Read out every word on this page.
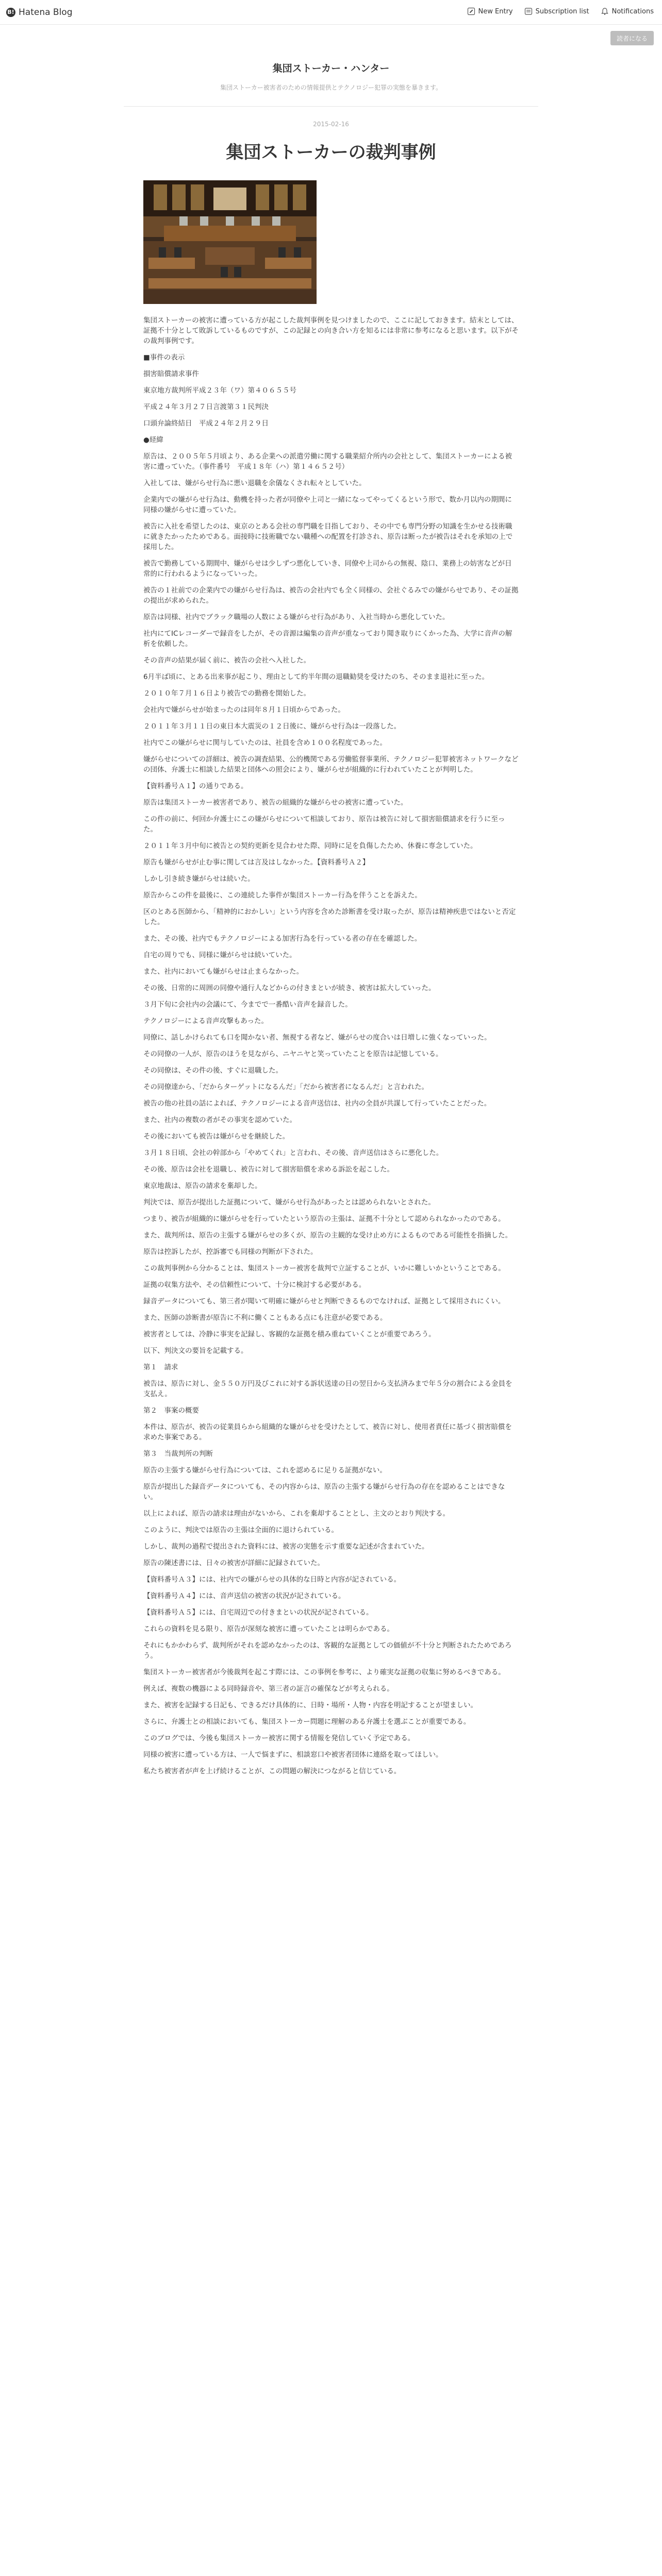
B! Hatena Blog	New Entry	Subscription list	Notifications
読者になる
集団ストーカー・ハンター
集団ストーカー被害者のための情報提供とテクノロジー犯罪の実態を暴きます。
2015-02-16
集団ストーカーの裁判事例

集団ストーカーの被害に遭っている方が起こした裁判事例を見つけましたので、ここに記しておきます。結末としては、証拠不十分として敗訴しているものですが、この記録との向き合い方を知るには非常に参考になると思います。以下がその裁判事例です。

■事件の表示

損害賠償請求事件

東京地方裁判所平成２３年（ワ）第４０６５５号

平成２４年３月２７日言渡第３１民判決

口頭弁論終結日　平成２４年２月２９日

●経緯

原告は、２００５年５月頃より、ある企業への派遣労働に関する職業紹介所内の会社として、集団ストーカーによる被害に遭っていた。（事件番号　平成１８年（ハ）第１４６５２号）

入社しては、嫌がらせ行為に悪い退職を余儀なくされ転々としていた。

企業内での嫌がらせ行為は、動機を持った者が同僚や上司と一緒になってやってくるという形で、数か月以内の期間に同様の嫌がらせに遭っていた。

被告に入社を希望したのは、東京のとある会社の専門職を目指しており、その中でも専門分野の知識を生かせる技術職に就きたかったためである。面接時に技術職でない職種への配置を打診され、原告は断ったが被告はそれを承知の上で採用した。

被告で勤務している期間中、嫌がらせは少しずつ悪化していき、同僚や上司からの無視、陰口、業務上の妨害などが日常的に行われるようになっていった。

被告の１社前での企業内での嫌がらせ行為は、被告の会社内でも全く同様の、会社ぐるみでの嫌がらせであり、その証拠の提出が求められた。

原告は同様、社内でブラック職場の人数による嫌がらせ行為があり、入社当時から悪化していた。

社内にてICレコーダーで録音をしたが、その音源は編集の音声が重なっており聞き取りにくかった為、大学に音声の解析を依頼した。

その音声の結果が届く前に、被告の会社へ入社した。

6月半ば頃に、とある出来事が起こり、理由として約半年間の退職勧奨を受けたのち、そのまま退社に至った。

２０１０年７月１６日より被告での勤務を開始した。

会社内で嫌がらせが始まったのは同年８月１日頃からであった。

２０１１年３月１１日の東日本大震災の１２日後に、嫌がらせ行為は一段落した。

社内でこの嫌がらせに関与していたのは、社員を含め１００名程度であった。

嫌がらせについての詳細は、被告の調査結果、公的機関である労働監督事業所、テクノロジー犯罪被害ネットワークなどの団体、弁護士に相談した結果と団体への照会により、嫌がらせが組織的に行われていたことが判明した。

【資料番号Ａ１】の通りである。

原告は集団ストーカー被害者であり、被告の組織的な嫌がらせの被害に遭っていた。

この件の前に、何回か弁護士にこの嫌がらせについて相談しており、原告は被告に対して損害賠償請求を行うに至った。

２０１１年３月中旬に被告との契約更新を見合わせた際、同時に足を負傷したため、休養に専念していた。

原告も嫌がらせが止む事に関しては言及はしなかった。【資料番号Ａ２】

しかし引き続き嫌がらせは続いた。

原告からこの件を最後に、この連続した事件が集団ストーカー行為を伴うことを訴えた。

区のとある医師から、「精神的におかしい」という内容を含めた診断書を受け取ったが、原告は精神疾患ではないと否定した。

また、その後、社内でもテクノロジーによる加害行為を行っている者の存在を確認した。

自宅の周りでも、同様に嫌がらせは続いていた。

また、社内においても嫌がらせは止まらなかった。

その後、日常的に周囲の同僚や通行人などからの付きまといが続き、被害は拡大していった。

３月下旬に会社内の会議にて、今までで一番酷い音声を録音した。

テクノロジーによる音声攻撃もあった。

同僚に、話しかけられても口を聞かない者、無視する者など、嫌がらせの度合いは日増しに強くなっていった。

その同僚の一人が、原告のほうを見ながら、ニヤニヤと笑っていたことを原告は記憶している。

その同僚は、その件の後、すぐに退職した。

その同僚達から、「だからターゲットになるんだ」「だから被害者になるんだ」と言われた。

被告の他の社員の話によれば、テクノロジーによる音声送信は、社内の全員が共謀して行っていたことだった。

また、社内の複数の者がその事実を認めていた。

その後においても被告は嫌がらせを継続した。

３月１８日頃、会社の幹部から「やめてくれ」と言われ、その後、音声送信はさらに悪化した。

その後、原告は会社を退職し、被告に対して損害賠償を求める訴訟を起こした。

東京地裁は、原告の請求を棄却した。

判決では、原告が提出した証拠について、嫌がらせ行為があったとは認められないとされた。

つまり、被告が組織的に嫌がらせを行っていたという原告の主張は、証拠不十分として認められなかったのである。

また、裁判所は、原告の主張する嫌がらせの多くが、原告の主観的な受け止め方によるものである可能性を指摘した。

原告は控訴したが、控訴審でも同様の判断が下された。

この裁判事例から分かることは、集団ストーカー被害を裁判で立証することが、いかに難しいかということである。

証拠の収集方法や、その信頼性について、十分に検討する必要がある。

録音データについても、第三者が聞いて明確に嫌がらせと判断できるものでなければ、証拠として採用されにくい。

また、医師の診断書が原告に不利に働くこともある点にも注意が必要である。

被害者としては、冷静に事実を記録し、客観的な証拠を積み重ねていくことが重要であろう。

以下、判決文の要旨を記載する。

第１　請求

被告は、原告に対し、金５５０万円及びこれに対する訴状送達の日の翌日から支払済みまで年５分の割合による金員を支払え。

第２　事案の概要

本件は、原告が、被告の従業員らから組織的な嫌がらせを受けたとして、被告に対し、使用者責任に基づく損害賠償を求めた事案である。

第３　当裁判所の判断

原告の主張する嫌がらせ行為については、これを認めるに足りる証拠がない。

原告が提出した録音データについても、その内容からは、原告の主張する嫌がらせ行為の存在を認めることはできない。

以上によれば、原告の請求は理由がないから、これを棄却することとし、主文のとおり判決する。

このように、判決では原告の主張は全面的に退けられている。

しかし、裁判の過程で提出された資料には、被害の実態を示す重要な記述が含まれていた。

原告の陳述書には、日々の被害が詳細に記録されていた。

【資料番号Ａ３】には、社内での嫌がらせの具体的な日時と内容が記されている。

【資料番号Ａ４】には、音声送信の被害の状況が記されている。

【資料番号Ａ５】には、自宅周辺での付きまといの状況が記されている。

これらの資料を見る限り、原告が深刻な被害に遭っていたことは明らかである。

それにもかかわらず、裁判所がそれを認めなかったのは、客観的な証拠としての価値が不十分と判断されたためであろう。

集団ストーカー被害者が今後裁判を起こす際には、この事例を参考に、より確実な証拠の収集に努めるべきである。

例えば、複数の機器による同時録音や、第三者の証言の確保などが考えられる。

また、被害を記録する日記も、できるだけ具体的に、日時・場所・人物・内容を明記することが望ましい。

さらに、弁護士との相談においても、集団ストーカー問題に理解のある弁護士を選ぶことが重要である。

このブログでは、今後も集団ストーカー被害に関する情報を発信していく予定である。

同様の被害に遭っている方は、一人で悩まずに、相談窓口や被害者団体に連絡を取ってほしい。

私たち被害者が声を上げ続けることが、この問題の解決につながると信じている。
